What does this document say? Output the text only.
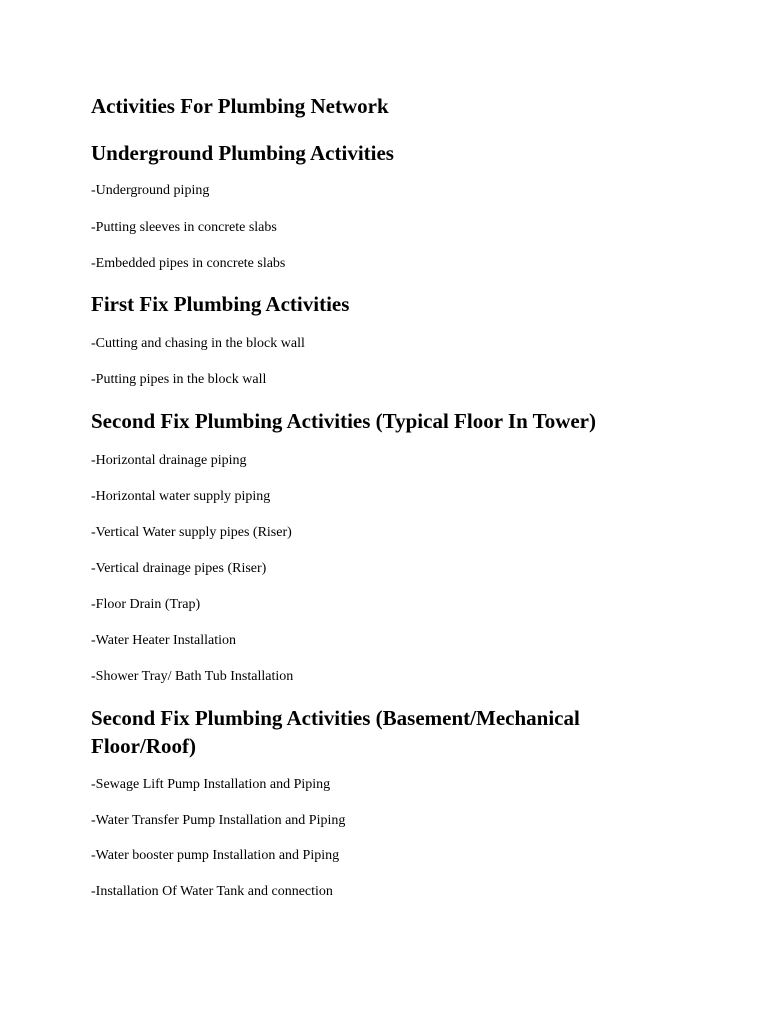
Activities For Plumbing Network
Underground Plumbing Activities

-Underground piping

-Putting sleeves in concrete slabs

-Embedded pipes in concrete slabs

First Fix Plumbing Activities

-Cutting and chasing in the block wall

-Putting pipes in the block wall

Second Fix Plumbing Activities (Typical Floor In Tower)

-Horizontal drainage piping

-Horizontal water supply piping

-Vertical Water supply pipes (Riser)

-Vertical drainage pipes (Riser)

-Floor Drain (Trap)

-Water Heater Installation

-Shower Tray/ Bath Tub Installation

Second Fix Plumbing Activities (Basement/Mechanical Floor/Roof)

-Sewage Lift Pump Installation and Piping

-Water Transfer Pump Installation and Piping

-Water booster pump Installation and Piping

-Installation Of Water Tank and connection
